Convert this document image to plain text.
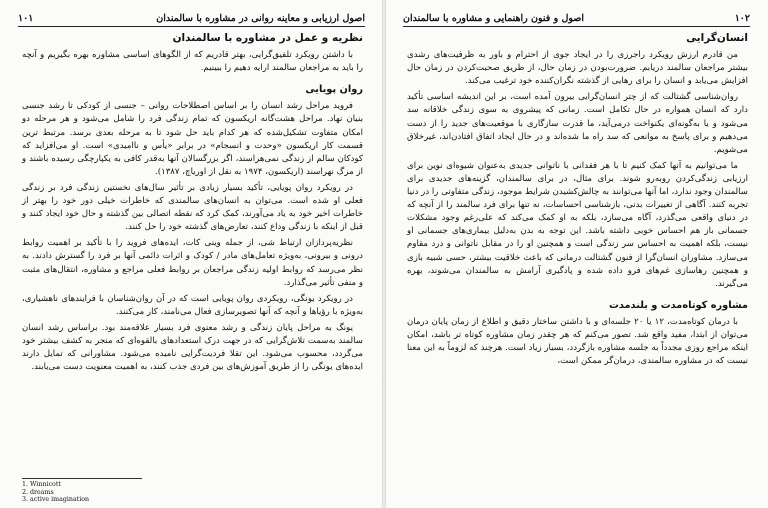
اصول ارزیابی و معاینه روانی در مشاوره با سالمندان
۱۰۱
نظریه و عمل در مشاوره با سالمندان

با داشتن رویکرد تلفیق‌گرایی، بهتر قادریم که از الگوهای اساسی مشاوره بهره بگیریم و آنچه را باید به مراجعان سالمند ارایه دهیم را ببینیم.

روان پویایی

فروید مراحل رشد انسان را بر اساس اصطلاحات روانی – جنسی از کودکی تا رشد جنسی بنیان نهاد. مراحل هشت‌گانه اریکسون که تمام زندگی فرد را شامل می‌شود و هر مرحله دو امکان متفاوت تشکیل‌شده که هر کدام باید حل شود تا به مرحله بعدی برسد. مرتبط ترین قسمت کار اریکسون «وحدت و انسجام» در برابر «یأس و ناامیدی» است. او می‌افزاید که کودکان سالم از زندگی نمی‌هراسند، اگر بزرگسالان آنها به‌قدر کافی به یکپارچگی رسیده باشند و از مرگ نهراسند (اریکسون، ۱۹۷۴ به نقل از اوریاچ، ۱۳۸۷).

در رویکرد روان پویایی، تأکید بسیار زیادی بر تأثیر سال‌های نخستین زندگی فرد بر زندگی فعلی او شده است. می‌توان به انسان‌های سالمندی که خاطرات خیلی دور خود را بهتر از خاطرات اخیر خود به یاد می‌آورند، کمک کرد که نقطه اتصالی بین گذشته و حال خود ایجاد کنند و قبل از اینکه با زندگی وداع کنند، تعارض‌های گذشته خود را حل کنند.

نظریه‌پردازان ارتباط شی، از جمله وینی کات، ایده‌های فروید را با تأکید بر اهمیت روابط درونی و بیرونی، به‌ویژه تعامل‌های مادر / کودک و اثرات دائمی آنها بر فرد را گسترش دادند. به نظر می‌رسد که روابط اولیه زندگی مراجعان بر روابط فعلی مراجع و مشاوره، انتقال‌های مثبت و منفی تأثیر می‌گذارد.

در رویکرد یونگی، رویکردی روان پویایی است که در آن روان‌شناسان با فرایندهای ناهشیاری، به‌ویژه با رؤیاها و آنچه که آنها تصویرسازی فعال می‌نامند، کار می‌کنند.

یونگ به مراحل پایان زندگی و رشد معنوی فرد بسیار علاقه‌مند بود. براساس رشد انسان سالمند به‌سمت تلاش‌گرایی که در جهت درک استعدادهای بالقوه‌ای که منجر به کشف بیشتر خود می‌گردد، محسوب می‌شود. این تقلا فردیت‌گرایی نامیده می‌شود. مشاورانی که تمایل دارند ایده‌های یونگی را از طریق آموزش‌های بین فردی جذب کنند، به اهمیت معنویت دست می‌یابند.

1. Winnicott
2. dreams
3. active imagination
۱۰۲
اصول و فنون راهنمایی و مشاوره با سالمندان
انسان‌گرایی

من قادرم ارزش رویکرد راجرزی را در ایجاد جوی از احترام و باور به ظرفیت‌های رشدی بیشتر مراجعان سالمند دریابم. ضرورت‌بودن در زمان حال، از طریق صحبت‌کردن در زمان حال افزایش می‌یابد و انسان را برای رهایی از گذشته نگران‌کننده خود ترغیب می‌کند.

روان‌شناسی گشتالت که از چتر انسان‌گرایی بیرون آمده است، بر این اندیشه اساسی تأکید دارد که انسان همواره در حال تکامل است. زمانی که پیشروی به سوی زندگی خلاقانه سد می‌شود و یا به‌گونه‌ای یکنواخت درمی‌آید، ما قدرت سازگاری با موقعیت‌های جدید را از دست می‌دهیم و برای پاسخ به موانعی که سد راه ما شده‌اند و در حال ایجاد اتفاق افتادن‌اند، غیرخلاق می‌شویم.

ما می‌توانیم به آنها کمک کنیم تا با هر فقدانی با ناتوانی جدیدی به‌عنوان شیوه‌ای نوین برای ارزیابی زندگی‌کردن روبه‌رو شوند. برای مثال، در برای سالمندان، گزینه‌های جدیدی برای سالمندان وجود ندارد، اما آنها می‌توانند به چالش‌کشیدن شرایط موجود، زندگی متفاوتی را در دنیا تجربه کنند. آگاهی از تغییرات بدنی، بازشناسی احساسات، نه تنها برای فرد سالمند را از آنچه که در دنیای واقعی می‌گذرد، آگاه می‌سازد، بلکه به او کمک می‌کند که علی‌رغم وجود مشکلات جسمانی باز هم احساس خوبی داشته باشد. این توجه به بدن به‌دلیل بیماری‌های جسمانی او نیست، بلکه اهمیت به احساس سر زندگی است و همچنین او را در مقابل ناتوانی و درد مقاوم می‌سازد. مشاوران انسان‌گرا از فنون گشتالت درمانی که باعث خلاقیت بیشتر، حسی شبیه بازی و همچنین رهاسازی غم‌های فرو داده شده و پادگیری آرامش به سالمندان می‌شوند، بهره می‌گیرند.

مشاوره کوتاه‌مدت و بلندمدت

با درمان کوتاه‌مدت، ۱۲ یا ۲۰ جلسه‌ای و با داشتن ساختار دقیق و اطلاع از زمان پایان درمان می‌توان از ابتدا، مفید واقع شد. تصور می‌کنم که هر چقدر زمان مشاوره کوتاه تر باشد، امکان اینکه مراجع روزی مجدداً به جلسه مشاوره بازگردد، بسیار زیاد است. هرچند که لزوماً به این معنا نیست که در مشاوره سالمندی، درمان‌گر ممکن است،
